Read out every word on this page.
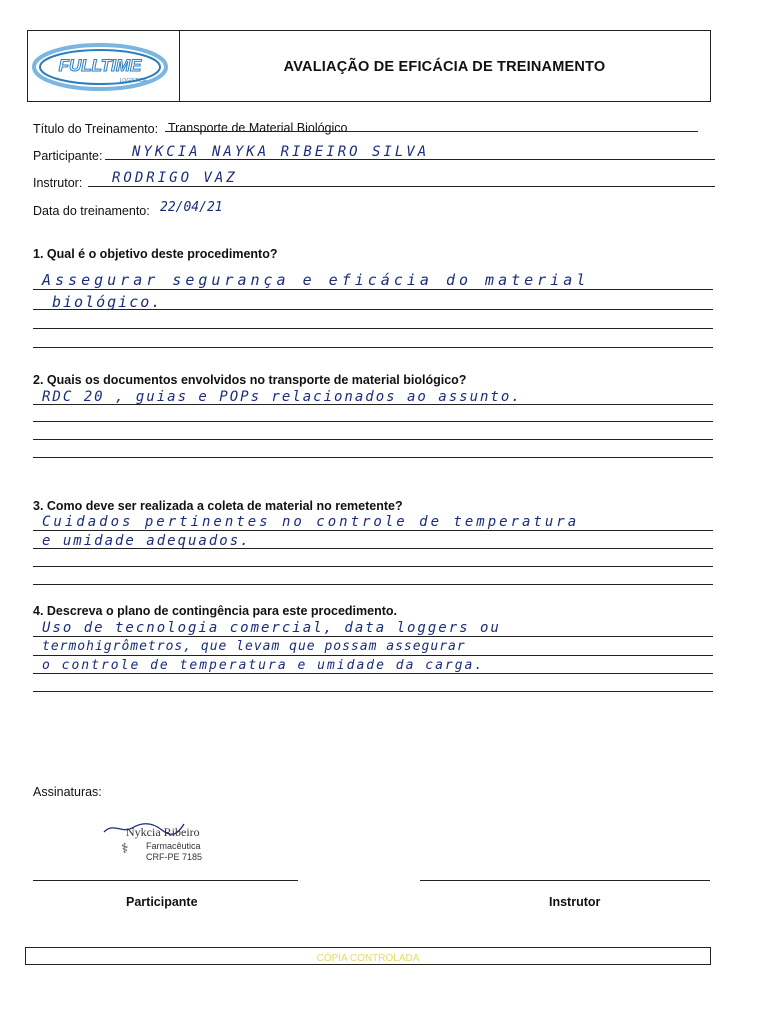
FULLTIME
LOGÍSTICA
AVALIAÇÃO DE EFICÁCIA DE TREINAMENTO
Título do Treinamento: Transporte de Material Biológico
Participante: NYKCIA NAYKA RIBEIRO SILVA
Instrutor: RODRIGO VAZ
Data do treinamento: 22/04/21
1. Qual é o objetivo deste procedimento?
Assegurar segurança e eficácia do material
biológico.
2. Quais os documentos envolvidos no transporte de material biológico?
RDC 20 , guias e POPs relacionados ao assunto.
3. Como deve ser realizada a coleta de material no remetente?
Cuidados pertinentes no controle de temperatura
e umidade adequados.
4. Descreva o plano de contingência para este procedimento.
Uso de tecnologia comercial, data loggers ou
termohigrômetros, que levam que possam assegurar
o controle de temperatura e umidade da carga.
Assinaturas:
Nykcia Ribeiro
Farmacêutica
CRF-PE 7185
⚕
Participante	Instrutor
CÓPIA CONTROLADA
